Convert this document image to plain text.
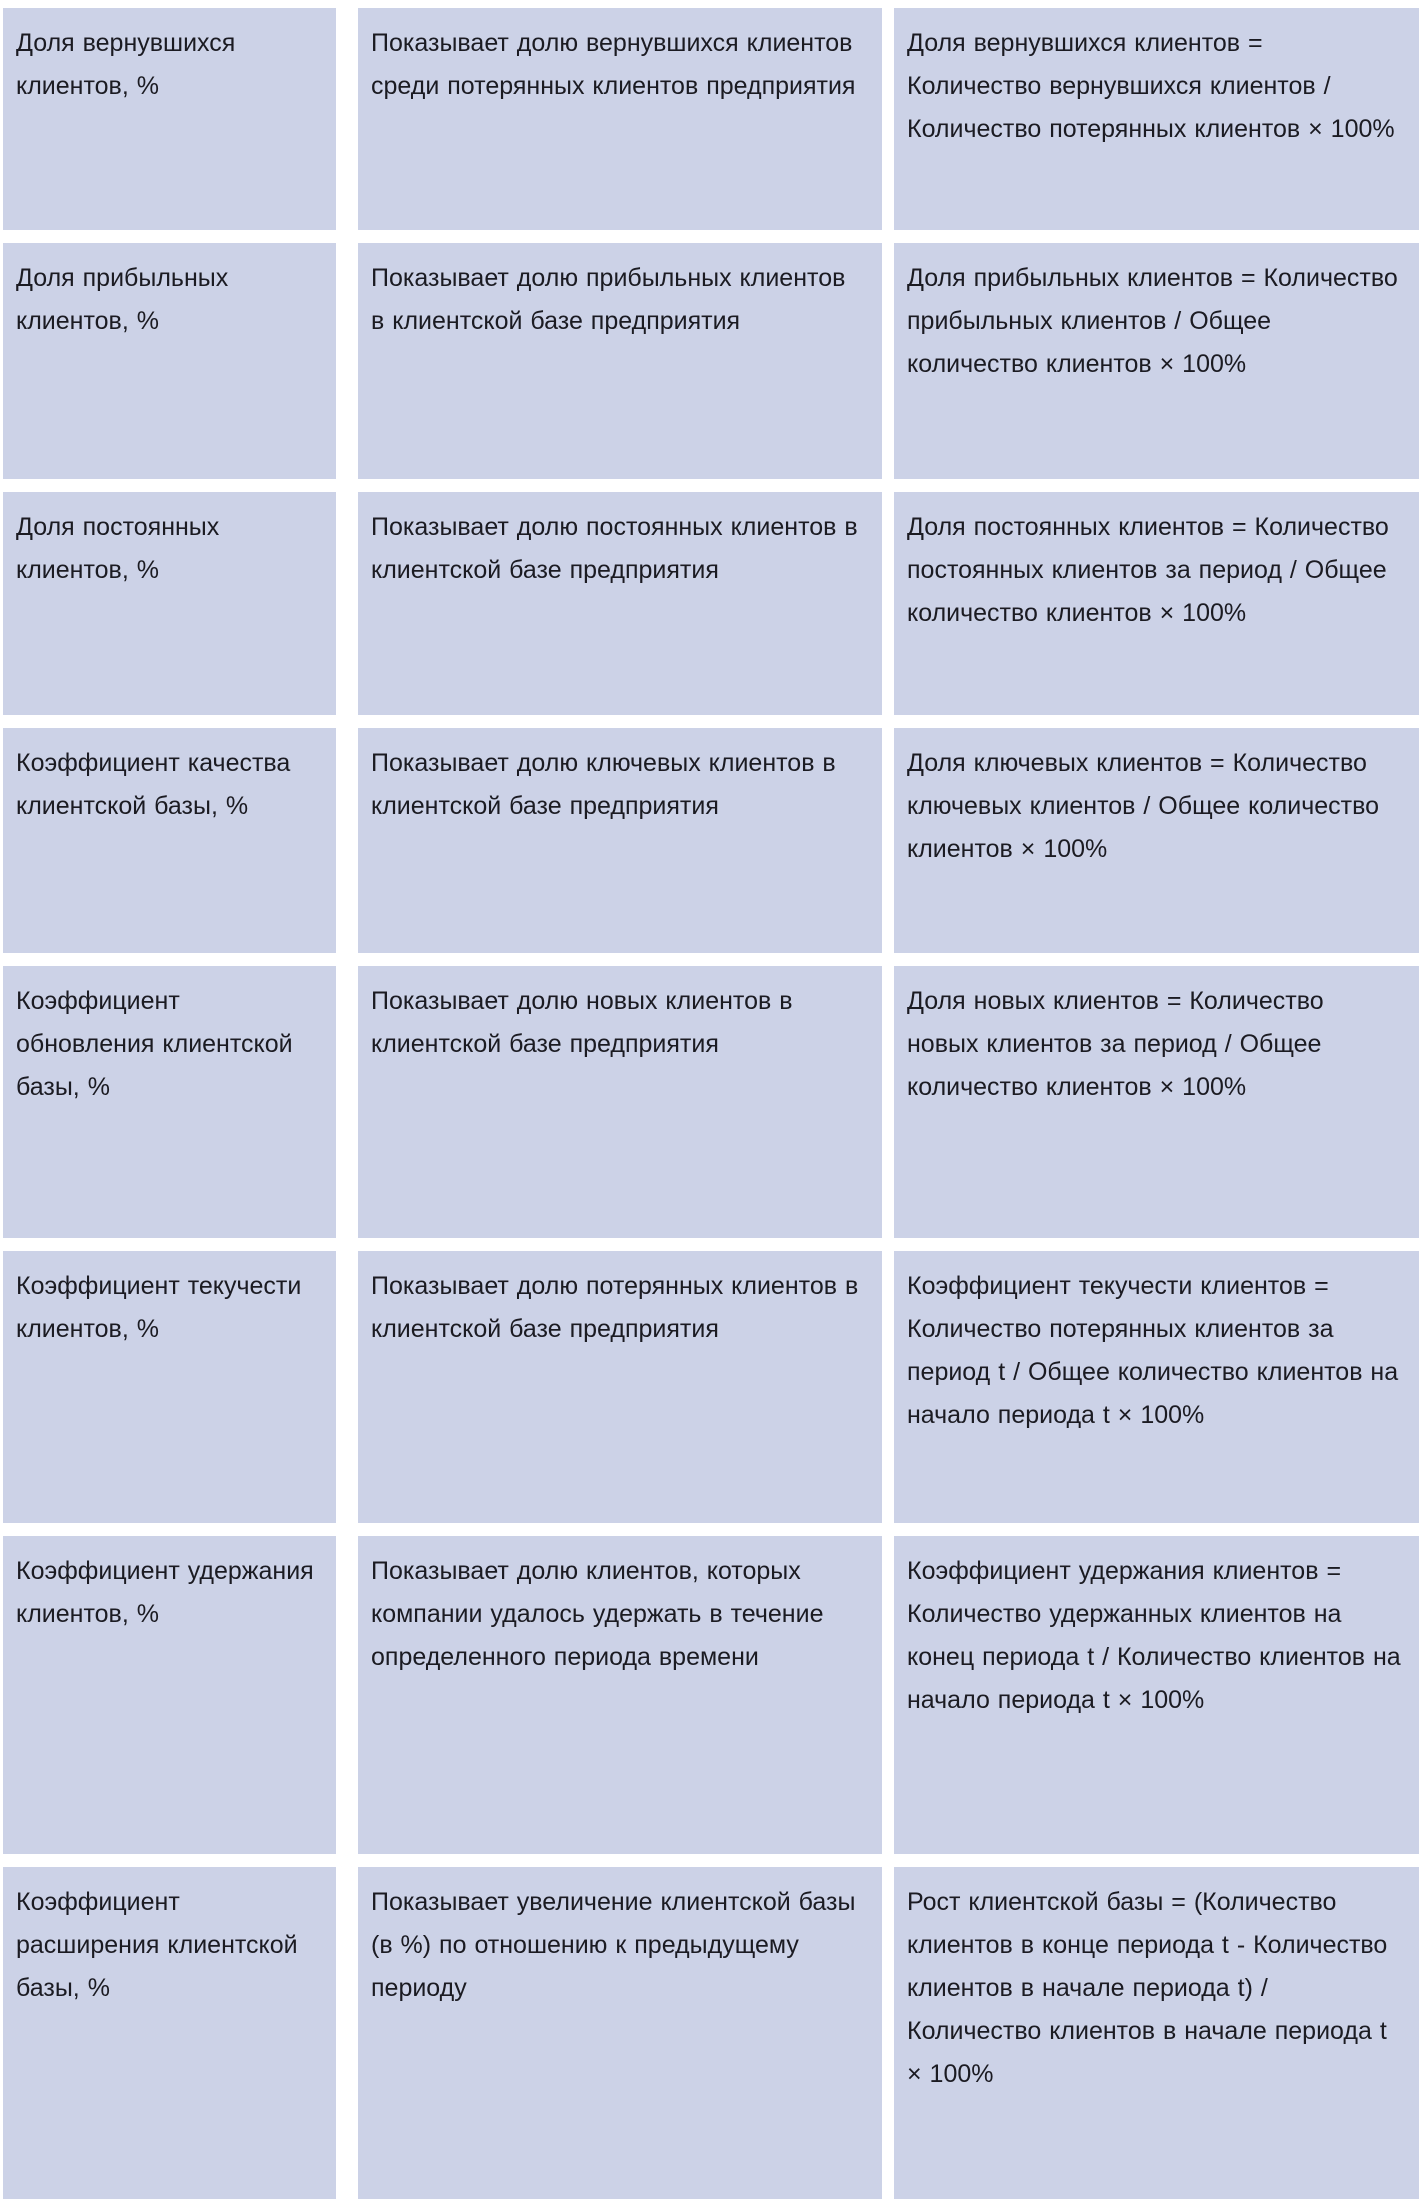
Доля вернувшихся клиентов, %
Показывает долю вернувшихся клиентов среди потерянных клиентов предприятия
Доля вернувшихся клиентов = Количество вернувшихся клиентов / Количество потерянных клиентов × 100%
Доля прибыльных клиентов, %
Показывает долю прибыльных клиентов в клиентской базе предприятия
Доля прибыльных клиентов = Количество прибыльных клиентов / Общее количество клиентов × 100%
Доля постоянных клиентов, %
Показывает долю постоянных клиентов в клиентской базе предприятия
Доля постоянных клиентов = Количество постоянных клиентов за период / Общее количество клиентов × 100%
Коэффициент качества клиентской базы, %
Показывает долю ключевых клиентов в клиентской базе предприятия
Доля ключевых клиентов = Количество ключевых клиентов / Общее количество клиентов × 100%
Коэффициент обновления клиентской базы, %
Показывает долю новых клиентов в клиентской базе предприятия
Доля новых клиентов = Количество новых клиентов за период / Общее количество клиентов × 100%
Коэффициент текучести клиентов, %
Показывает долю потерянных клиентов в клиентской базе предприятия
Коэффициент текучести клиентов = Количество потерянных клиентов за период t / Общее количество клиентов на начало периода t × 100%
Коэффициент удержания клиентов, %
Показывает долю клиентов, которых компании удалось удержать в течение определенного периода времени
Коэффициент удержания клиентов = Количество удержанных клиентов на конец периода t / Количество клиентов на начало периода t × 100%
Коэффициент расширения клиентской базы, %
Показывает увеличение клиентской базы (в %) по отношению к предыдущему периоду
Рост клиентской базы = (Количество клиентов в конце периода t - Количество клиентов в начале периода t) / Количество клиентов в начале периода t × 100%
